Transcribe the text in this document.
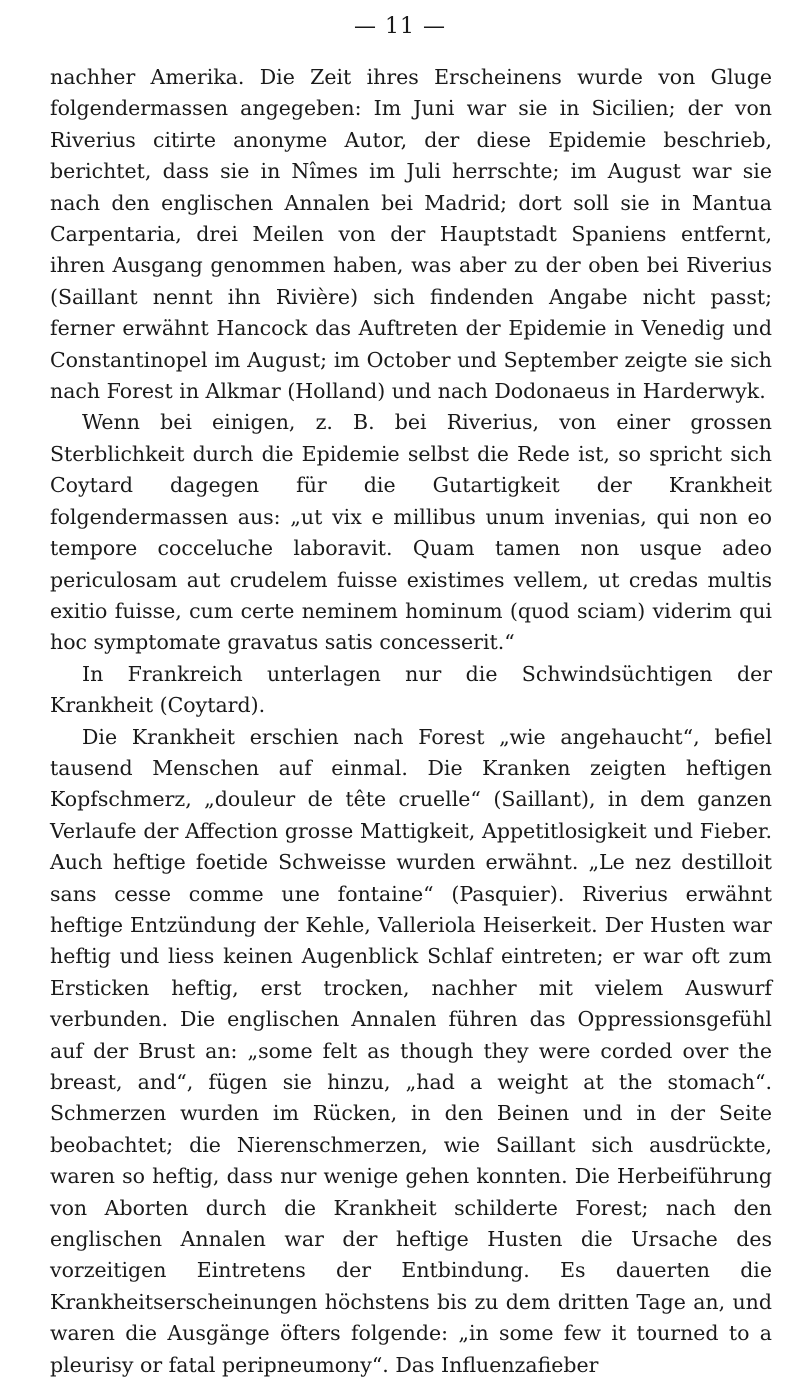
— 11 —

nachher Amerika. Die Zeit ihres Erscheinens wurde von Gluge folgendermassen angegeben: Im Juni war sie in Sicilien; der von Riverius citirte anonyme Autor, der diese Epidemie beschrieb, berichtet, dass sie in Nîmes im Juli herrschte; im August war sie nach den englischen Annalen bei Madrid; dort soll sie in Mantua Carpentaria, drei Meilen von der Hauptstadt Spaniens entfernt, ihren Ausgang genommen haben, was aber zu der oben bei Riverius (Saillant nennt ihn Rivière) sich findenden Angabe nicht passt; ferner erwähnt Hancock das Auftreten der Epidemie in Venedig und Constantinopel im August; im October und September zeigte sie sich nach Forest in Alkmar (Holland) und nach Dodonaeus in Harderwyk.

Wenn bei einigen, z. B. bei Riverius, von einer grossen Sterblichkeit durch die Epidemie selbst die Rede ist, so spricht sich Coytard dagegen für die Gutartigkeit der Krankheit folgendermassen aus: „ut vix e millibus unum invenias, qui non eo tempore cocceluche laboravit. Quam tamen non usque adeo periculosam aut crudelem fuisse existimes vellem, ut credas multis exitio fuisse, cum certe neminem hominum (quod sciam) viderim qui hoc symptomate gravatus satis concesserit.“

In Frankreich unterlagen nur die Schwindsüchtigen der Krankheit (Coytard).

Die Krankheit erschien nach Forest „wie angehaucht“, befiel tausend Menschen auf einmal. Die Kranken zeigten heftigen Kopfschmerz, „douleur de tête cruelle“ (Saillant), in dem ganzen Verlaufe der Affection grosse Mattigkeit, Appetitlosigkeit und Fieber. Auch heftige foetide Schweisse wurden erwähnt. „Le nez destilloit sans cesse comme une fontaine“ (Pasquier). Riverius erwähnt heftige Entzündung der Kehle, Valleriola Heiserkeit. Der Husten war heftig und liess keinen Augenblick Schlaf eintreten; er war oft zum Ersticken heftig, erst trocken, nachher mit vielem Auswurf verbunden. Die englischen Annalen führen das Oppressionsgefühl auf der Brust an: „some felt as though they were corded over the breast, and“, fügen sie hinzu, „had a weight at the stomach“. Schmerzen wurden im Rücken, in den Beinen und in der Seite beobachtet; die Nierenschmerzen, wie Saillant sich ausdrückte, waren so heftig, dass nur wenige gehen konnten. Die Herbeiführung von Aborten durch die Krankheit schilderte Forest; nach den englischen Annalen war der heftige Husten die Ursache des vorzeitigen Eintretens der Entbindung. Es dauerten die Krankheitserscheinungen höchstens bis zu dem dritten Tage an, und waren die Ausgänge öfters folgende: „in some few it tourned to a pleurisy or fatal peripneumony“. Das Influenzafieber
